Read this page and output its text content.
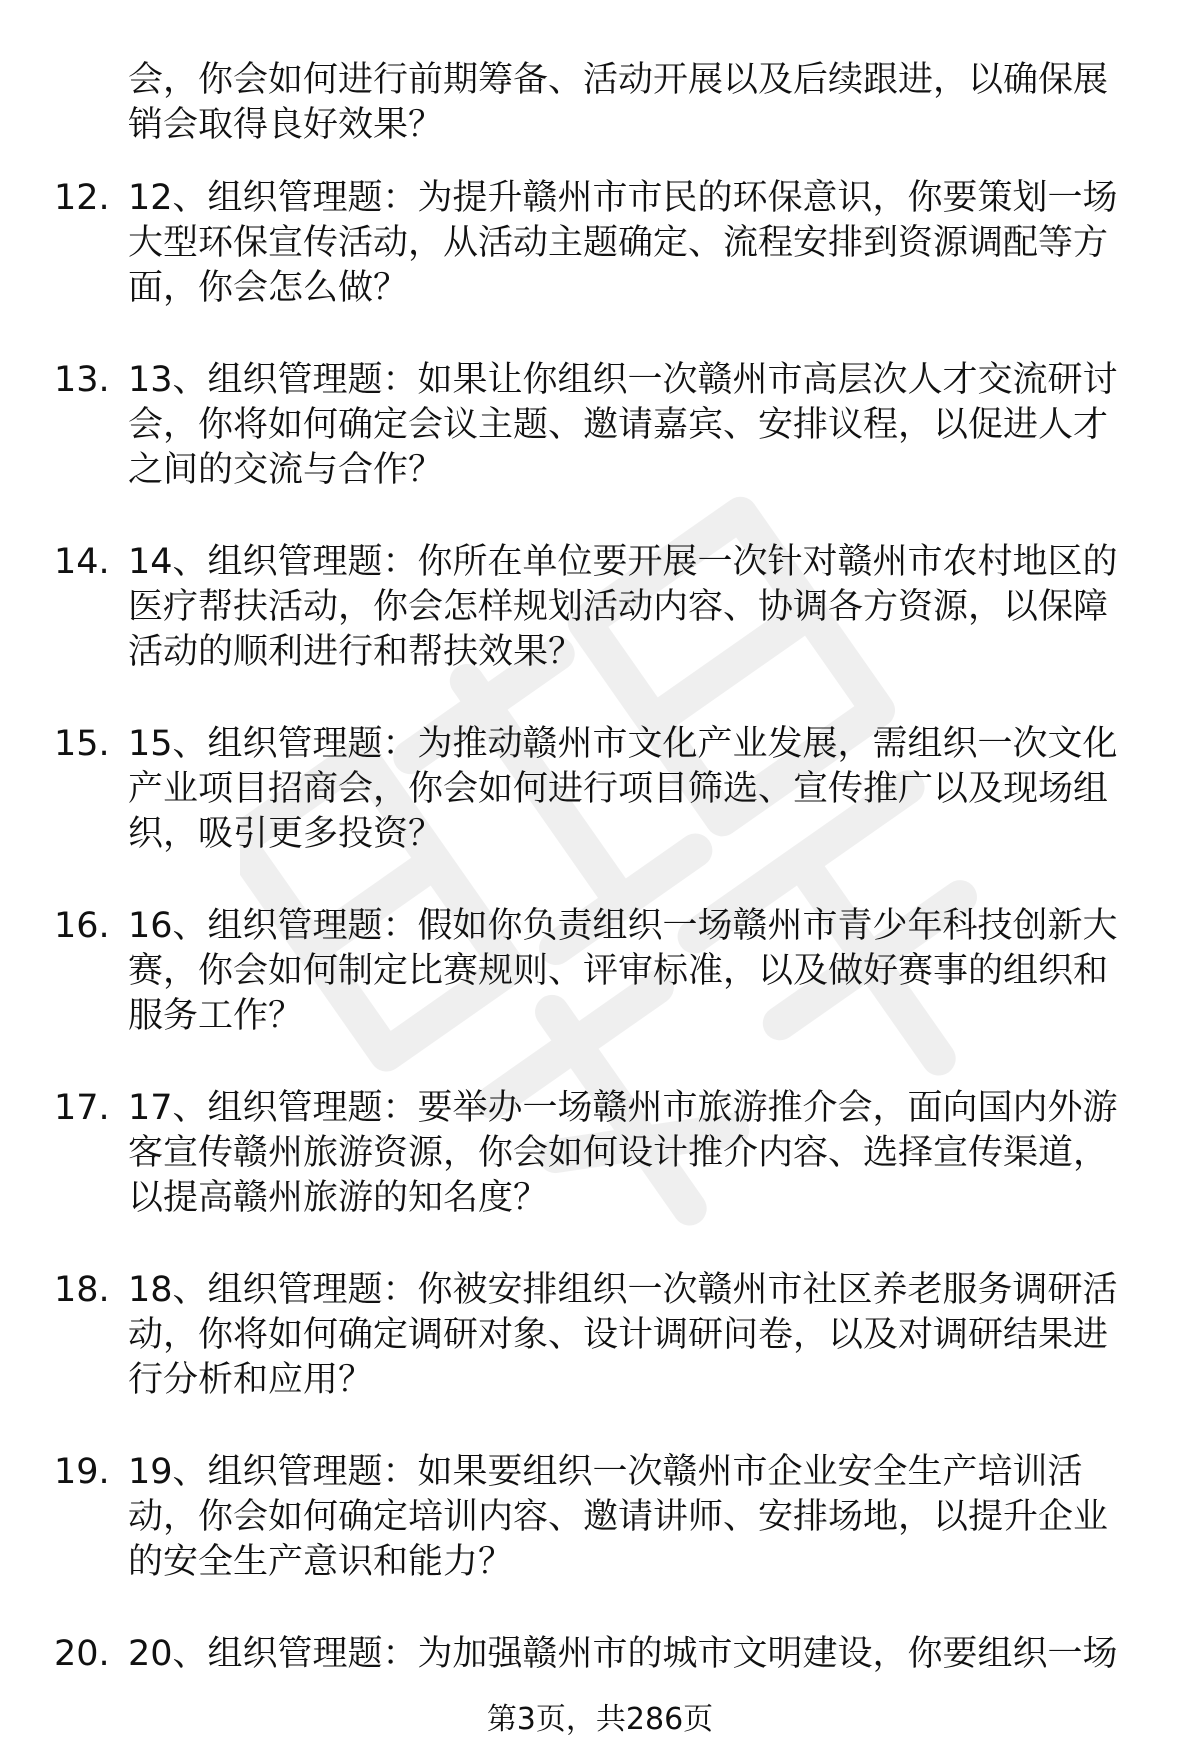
会，你会如何进行前期筹备、活动开展以及后续跟进，以确保展销会取得良好效果？
12. 12、组织管理题：为提升赣州市市民的环保意识，你要策划一场大型环保宣传活动，从活动主题确定、流程安排到资源调配等方面，你会怎么做？
13. 13、组织管理题：如果让你组织一次赣州市高层次人才交流研讨会，你将如何确定会议主题、邀请嘉宾、安排议程，以促进人才之间的交流与合作？
14. 14、组织管理题：你所在单位要开展一次针对赣州市农村地区的医疗帮扶活动，你会怎样规划活动内容、协调各方资源，以保障活动的顺利进行和帮扶效果？
15. 15、组织管理题：为推动赣州市文化产业发展，需组织一次文化产业项目招商会，你会如何进行项目筛选、宣传推广以及现场组织，吸引更多投资？
16. 16、组织管理题：假如你负责组织一场赣州市青少年科技创新大赛，你会如何制定比赛规则、评审标准，以及做好赛事的组织和服务工作？
17. 17、组织管理题：要举办一场赣州市旅游推介会，面向国内外游客宣传赣州旅游资源，你会如何设计推介内容、选择宣传渠道，以提高赣州旅游的知名度？
18. 18、组织管理题：你被安排组织一次赣州市社区养老服务调研活动，你将如何确定调研对象、设计调研问卷，以及对调研结果进行分析和应用？
19. 19、组织管理题：如果要组织一次赣州市企业安全生产培训活动，你会如何确定培训内容、邀请讲师、安排场地，以提升企业的安全生产意识和能力？
20. 20、组织管理题：为加强赣州市的城市文明建设，你要组织一场
第3页，共286页
